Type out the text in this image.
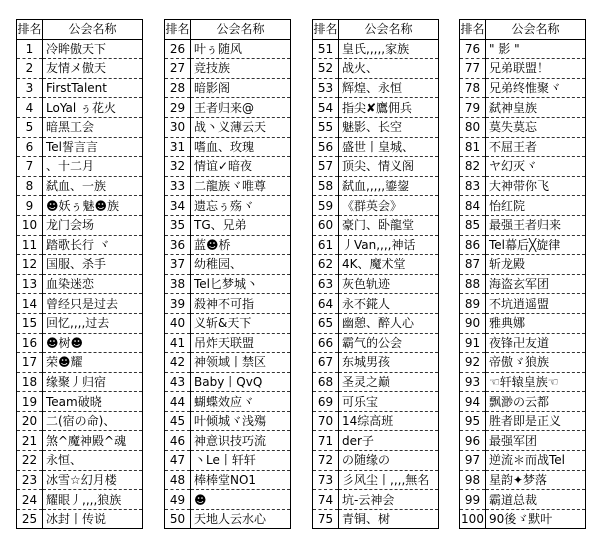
排名	公会名称
1	冷眸傲天下
2	友情メ傲天
3	FirstTalent
4	LoYal ぅ花火
5	暗黑工会
6	Tel誓言言
7	、十二月
8	弑血、一族
9	☻妖ぅ魅☻族
10	龙门会场
11	踏歌长行 ヾ
12	国服、杀手
13	血染迷恋
14	曾经只是过去
15	回忆,,,,过去
16	☻树☻
17	荣☻耀
18	缘聚丿归宿
19	Team破晓
20	二(宿の命)、
21	煞^魔神殿^魂
22	永恒、
23	冰雪☆幻月楼
24	耀眼丿,,,,狼族
25	冰封丨传说
排名	公会名称
26	叶ぅ随风
27	竞技族
28	暗影阁
29	王者归来@
30	战丶义薄云天
31	嗜血、玫瑰
32	情谊✓暗夜
33	二龍族ヾ唯尊
34	遗忘ぅ殇ヾ
35	TG、兄弟
36	蓝☻桥
37	幼稚园、
38	Tel匕梦城丶
39	殺神不可指
40	义斩&天下
41	吊炸天联盟
42	神领域丨禁区
43	Baby丨QvQ
44	蝴蝶效应ヾ
45	叶倾城ヾ浅殤
46	神意识技巧流
47	丶Le丨轩轩
48	棒棒堂NO1
49	☻
50	天地人云水心
排名	公会名称
51	皇氏,,,,,家族
52	战火、
53	辉煌、永恒
54	指尖✘鷹佣兵
55	魅影、长空
56	盛世丨皇城、
57	顶尖、情义阁
58	弑血,,,,,鎏鋆
59	《群英会》
60	豪门、卧龍堂
61	丿Van,,,,神话
62	4K、魔术堂
63	灰色轨迹
64	永不錵人
65	幽憩、醉人心
66	霸气的公会
67	东城男孩
68	圣灵之巅
69	可乐宝
70	14综高班
71	der子
72	の随缘の
73	彡风尘丨,,,,無名
74	坑-云神会
75	青铜、树
排名	公会名称
76	" 影 "
77	兄弟联盟！
78	兄弟终惟聚ヾ
79	弑神皇族
80	莫失莫忘
81	不屈王者
82	ヤ幻灭ヾ
83	大神带你飞
84	怡红院
85	最强王者归来
86	Tel幕后╳旋律
87	斩龙殿
88	海盗玄军团
89	不坑逍遥盟
90	雅典娜
91	夜锋卍友道
92	帝傲ゞ狼族
93	☜轩辕皇族☜
94	飘渺の云都
95	胜者即是正义
96	最强军团
97	逆流＊而战Tel
98	星韵✦梦落
99	霸道总裁
100	90後ゞ默叶
